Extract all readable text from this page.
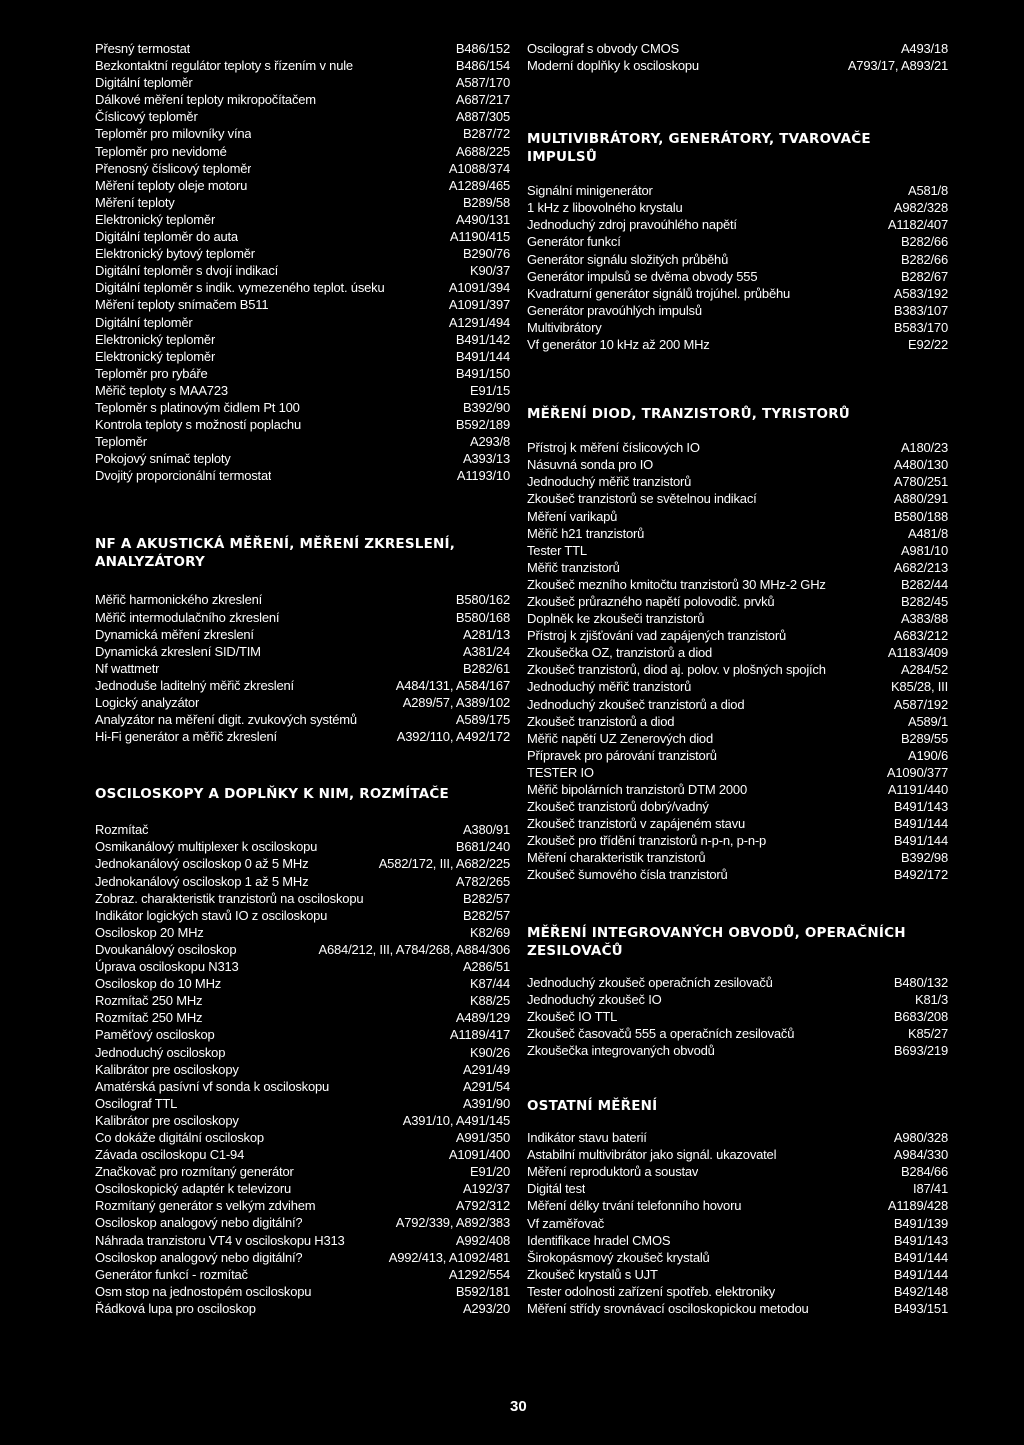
Přesný termostat	B486/152
Bezkontaktní regulátor teploty s řízením v nule	B486/154
Digitální teploměr	A587/170
Dálkové měření teploty mikropočítačem	A687/217
Číslicový teploměr	A887/305
Teploměr pro milovníky vína	B287/72
Teploměr pro nevidomé	A688/225
Přenosný číslicový teploměr	A1088/374
Měření teploty oleje motoru	A1289/465
Měření teploty	B289/58
Elektronický teploměr	A490/131
Digitální teploměr do auta	A1190/415
Elektronický bytový teploměr	B290/76
Digitální teploměr s dvojí indikací	K90/37
Digitální teploměr s indik. vymezeného teplot. úseku	A1091/394
Měření teploty snímačem B511	A1091/397
Digitální teploměr	A1291/494
Elektronický teploměr	B491/142
Elektronický teploměr	B491/144
Teploměr pro rybáře	B491/150
Měřič teploty s MAA723	E91/15
Teploměr s platinovým čidlem Pt 100	B392/90
Kontrola teploty s možností poplachu	B592/189
Teploměr	A293/8
Pokojový snímač teploty	A393/13
Dvojitý proporcionální termostat	A1193/10
NF A AKUSTICKÁ MĚŘENÍ, MĚŘENÍ ZKRESLENÍ,
ANALYZÁTORY
Měřič harmonického zkreslení	B580/162
Měřič intermodulačního zkreslení	B580/168
Dynamická měření zkreslení	A281/13
Dynamická zkreslení SID/TIM	A381/24
Nf wattmetr	B282/61
Jednoduše laditelný měřič zkreslení	A484/131, A584/167
Logický analyzátor	A289/57, A389/102
Analyzátor na měření digit. zvukových systémů	A589/175
Hi-Fi generátor a měřič zkreslení	A392/110, A492/172
OSCILOSKOPY A DOPLŇKY K NIM, ROZMÍTAČE
Rozmítač	A380/91
Osmikanálový multiplexer k osciloskopu	B681/240
Jednokanálový osciloskop 0 až 5 MHz	A582/172, III, A682/225
Jednokanálový osciloskop 1 až 5 MHz	A782/265
Zobraz. charakteristik tranzistorů na osciloskopu	B282/57
Indikátor logických stavů IO z osciloskopu	B282/57
Osciloskop 20 MHz	K82/69
Dvoukanálový osciloskop	A684/212, III, A784/268, A884/306
Úprava osciloskopu N313	A286/51
Osciloskop do 10 MHz	K87/44
Rozmítač 250 MHz	K88/25
Rozmítač 250 MHz	A489/129
Paměťový osciloskop	A1189/417
Jednoduchý osciloskop	K90/26
Kalibrátor pre osciloskopy	A291/49
Amatérská pasívní vf sonda k osciloskopu	A291/54
Oscilograf TTL	A391/90
Kalibrátor pre osciloskopy	A391/10, A491/145
Co dokáže digitální osciloskop	A991/350
Závada osciloskopu C1-94	A1091/400
Značkovač pro rozmítaný generátor	E91/20
Osciloskopický adaptér k televizoru	A192/37
Rozmítaný generátor s velkým zdvihem	A792/312
Osciloskop analogový nebo digitální?	A792/339, A892/383
Náhrada tranzistoru VT4 v osciloskopu H313	A992/408
Osciloskop analogový nebo digitální?	A992/413, A1092/481
Generátor funkcí - rozmítač	A1292/554
Osm stop na jednostopém osciloskopu	B592/181
Řádková lupa pro osciloskop	A293/20
Oscilograf s obvody CMOS	A493/18
Moderní doplňky k osciloskopu	A793/17, A893/21
MULTIVIBRÁTORY, GENERÁTORY, TVAROVAČE
IMPULSŮ
Signální minigenerátor	A581/8
1 kHz z libovolného krystalu	A982/328
Jednoduchý zdroj pravoúhlého napětí	A1182/407
Generátor funkcí	B282/66
Generátor signálu složitých průběhů	B282/66
Generátor impulsů se dvěma obvody 555	B282/67
Kvadraturní generátor signálů trojúhel. průběhu	A583/192
Generátor pravoúhlých impulsů	B383/107
Multivibrátory	B583/170
Vf generátor 10 kHz až 200 MHz	E92/22
MĚŘENÍ DIOD, TRANZISTORŮ, TYRISTORŮ
Přístroj k měření číslicových IO	A180/23
Násuvná sonda pro IO	A480/130
Jednoduchý měřič tranzistorů	A780/251
Zkoušeč tranzistorů se světelnou indikací	A880/291
Měření varikapů	B580/188
Měřič h21 tranzistorů	A481/8
Tester TTL	A981/10
Měřič tranzistorů	A682/213
Zkoušeč mezního kmitočtu tranzistorů 30 MHz-2 GHz	B282/44
Zkoušeč průrazného napětí polovodič. prvků	B282/45
Doplněk ke zkoušeči tranzistorů	A383/88
Přístroj k zjišťování vad zapájených tranzistorů	A683/212
Zkoušečka OZ, tranzistorů a diod	A1183/409
Zkoušeč tranzistorů, diod aj. polov. v plošných spojích	A284/52
Jednoduchý měřič tranzistorů	K85/28, III
Jednoduchý zkoušeč tranzistorů a diod	A587/192
Zkoušeč tranzistorů a diod	A589/1
Měřič napětí UZ Zenerových diod	B289/55
Přípravek pro párování tranzistorů	A190/6
TESTER IO	A1090/377
Měřič bipolárních tranzistorů DTM 2000	A1191/440
Zkoušeč tranzistorů dobrý/vadný	B491/143
Zkoušeč tranzistorů v zapájeném stavu	B491/144
Zkoušeč pro třídění tranzistorů n-p-n, p-n-p	B491/144
Měření charakteristik tranzistorů	B392/98
Zkoušeč šumového čísla tranzistorů	B492/172
MĚŘENÍ INTEGROVANÝCH OBVODŮ, OPERAČNÍCH
ZESILOVAČŮ
Jednoduchý zkoušeč operačních zesilovačů	B480/132
Jednoduchý zkoušeč IO	K81/3
Zkoušeč IO TTL	B683/208
Zkoušeč časovačů 555 a operačních zesilovačů	K85/27
Zkoušečka integrovaných obvodů	B693/219
OSTATNÍ MĚŘENÍ
Indikátor stavu baterií	A980/328
Astabilní multivibrátor jako signál. ukazovatel	A984/330
Měření reproduktorů a soustav	B284/66
Digitál test	I87/41
Měření délky trvání telefonního hovoru	A1189/428
Vf zaměřovač	B491/139
Identifikace hradel CMOS	B491/143
Širokopásmový zkoušeč krystalů	B491/144
Zkoušeč krystalů s UJT	B491/144
Tester odolnosti zařízení spotřeb. elektroniky	B492/148
Měření střídy srovnávací osciloskopickou metodou	B493/151
30
